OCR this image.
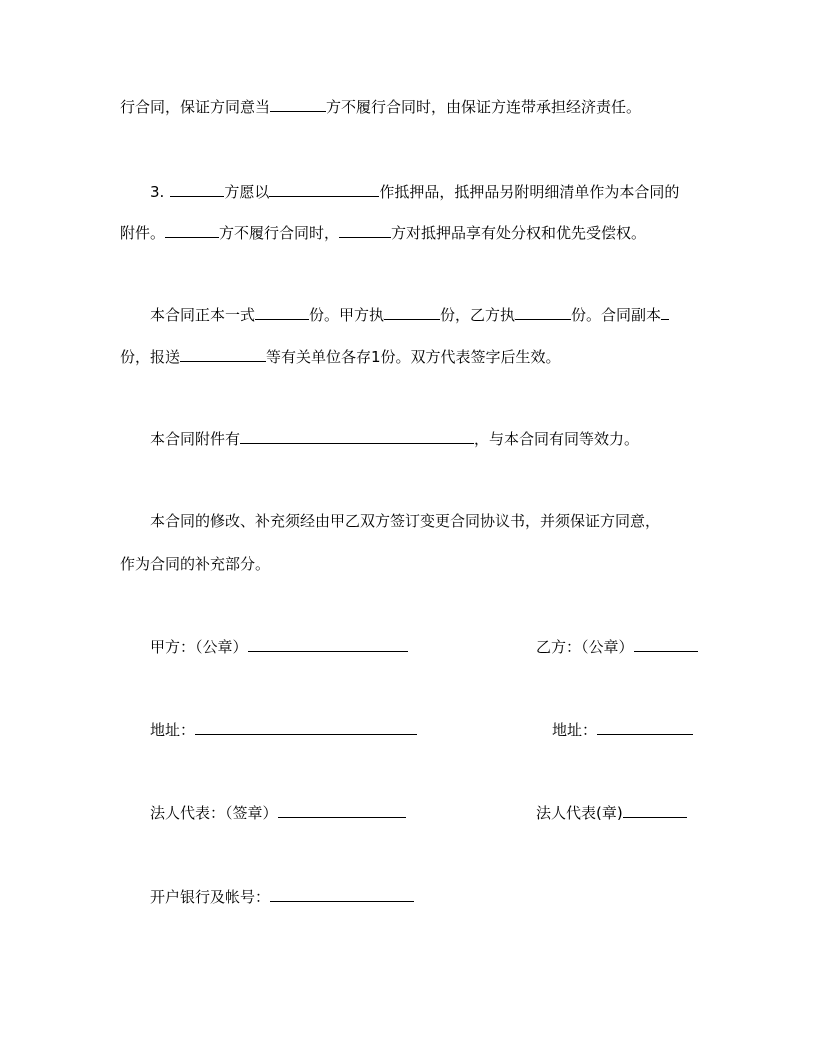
行合同，保证方同意当	方不履行合同时，由保证方连带承担经济责任。
3.	方愿以	作抵押品，抵押品另附明细清单作为本合同的
附件。	方不履行合同时，	方对抵押品享有处分权和优先受偿权。
本合同正本一式	份。甲方执	份，乙方执	份。合同副本
份，报送	等有关单位各存1份。双方代表签字后生效。
本合同附件有	，与本合同有同等效力。
本合同的修改、补充须经由甲乙双方签订变更合同协议书，并须保证方同意，
作为合同的补充部分。
甲方：（公章）	乙方：（公章）
地址：	地址：
法人代表：（签章）	法人代表(章)
开户银行及帐号：
